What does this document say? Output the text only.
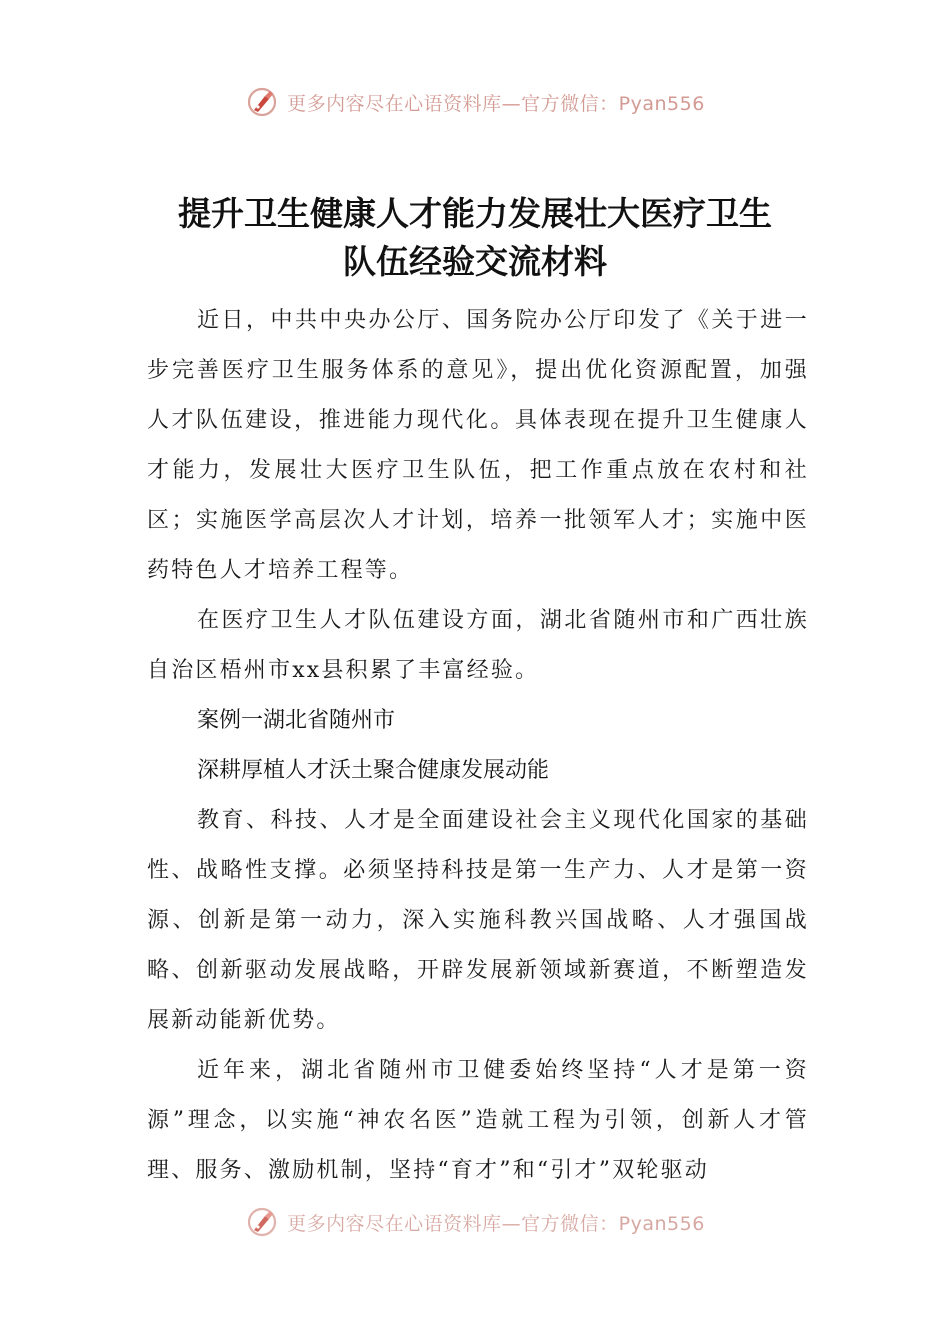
更多内容尽在心语资料库—官方微信：Pyan556
提升卫生健康人才能力发展壮大医疗卫生
队伍经验交流材料

近日，中共中央办公厅、国务院办公厅印发了《关于进一步完善医疗卫生服务体系的意见》，提出优化资源配置，加强人才队伍建设，推进能力现代化。具体表现在提升卫生健康人才能力，发展壮大医疗卫生队伍，把工作重点放在农村和社区；实施医学高层次人才计划，培养一批领军人才；实施中医药特色人才培养工程等。

在医疗卫生人才队伍建设方面，湖北省随州市和广西壮族自治区梧州市xx县积累了丰富经验。

案例一湖北省随州市

深耕厚植人才沃土聚合健康发展动能

教育、科技、人才是全面建设社会主义现代化国家的基础性、战略性支撑。必须坚持科技是第一生产力、人才是第一资源、创新是第一动力，深入实施科教兴国战略、人才强国战略、创新驱动发展战略，开辟发展新领域新赛道，不断塑造发展新动能新优势。

近年来，湖北省随州市卫健委始终坚持“人才是第一资源”理念，以实施“神农名医”造就工程为引领，创新人才管理、服务、激励机制，坚持“育才”和“引才”双轮驱动

更多内容尽在心语资料库—官方微信：Pyan556
